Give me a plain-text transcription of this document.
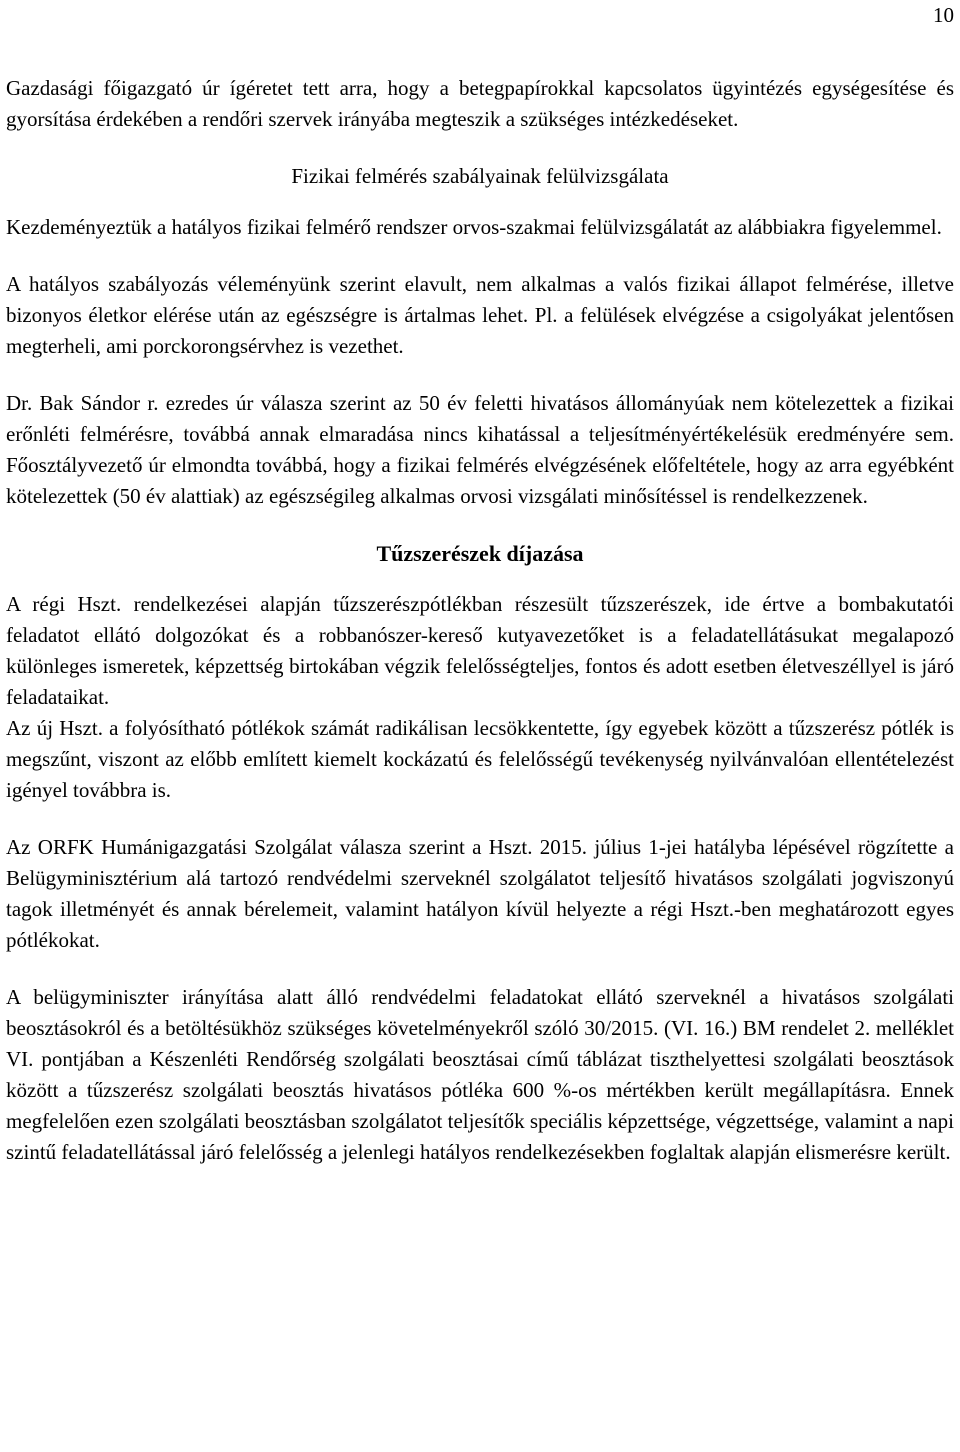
10

Gazdasági főigazgató úr ígéretet tett arra, hogy a betegpapírokkal kapcsolatos ügyintézés egységesítése és gyorsítása érdekében a rendőri szervek irányába megteszik a szükséges intézkedéseket.

Fizikai felmérés szabályainak felülvizsgálata

Kezdeményeztük a hatályos fizikai felmérő rendszer orvos-szakmai felülvizsgálatát az alábbiakra figyelemmel.

A hatályos szabályozás véleményünk szerint elavult, nem alkalmas a valós fizikai állapot felmérése, illetve bizonyos életkor elérése után az egészségre is ártalmas lehet. Pl. a felülések elvégzése a csigolyákat jelentősen megterheli, ami porckorongsérvhez is vezethet.

Dr. Bak Sándor r. ezredes úr válasza szerint az 50 év feletti hivatásos állományúak nem kötelezettek a fizikai erőnléti felmérésre, továbbá annak elmaradása nincs kihatással a teljesítményértékelésük eredményére sem. Főosztályvezető úr elmondta továbbá, hogy a fizikai felmérés elvégzésének előfeltétele, hogy az arra egyébként kötelezettek (50 év alattiak) az egészségileg alkalmas orvosi vizsgálati minősítéssel is rendelkezzenek.

Tűzszerészek díjazása

A régi Hszt. rendelkezései alapján tűzszerészpótlékban részesült tűzszerészek, ide értve a bombakutatói feladatot ellátó dolgozókat és a robbanószer-kereső kutyavezetőket is a feladatellátásukat megalapozó különleges ismeretek, képzettség birtokában végzik felelősségteljes, fontos és adott esetben életveszéllyel is járó feladataikat.

Az új Hszt. a folyósítható pótlékok számát radikálisan lecsökkentette, így egyebek között a tűzszerész pótlék is megszűnt, viszont az előbb említett kiemelt kockázatú és felelősségű tevékenység nyilvánvalóan ellentételezést igényel továbbra is.

Az ORFK Humánigazgatási Szolgálat válasza szerint a Hszt. 2015. július 1-jei hatályba lépésével rögzítette a Belügyminisztérium alá tartozó rendvédelmi szerveknél szolgálatot teljesítő hivatásos szolgálati jogviszonyú tagok illetményét és annak bérelemeit, valamint hatályon kívül helyezte a régi Hszt.-ben meghatározott egyes pótlékokat.

A belügyminiszter irányítása alatt álló rendvédelmi feladatokat ellátó szerveknél a hivatásos szolgálati beosztásokról és a betöltésükhöz szükséges követelményekről szóló 30/2015. (VI. 16.) BM rendelet 2. melléklet VI. pontjában a Készenléti Rendőrség szolgálati beosztásai című táblázat tiszthelyettesi szolgálati beosztások között a tűzszerész szolgálati beosztás hivatásos pótléka 600 %-os mértékben került megállapításra. Ennek megfelelően ezen szolgálati beosztásban szolgálatot teljesítők speciális képzettsége, végzettsége, valamint a napi szintű feladatellátással járó felelősség a jelenlegi hatályos rendelkezésekben foglaltak alapján elismerésre került.
